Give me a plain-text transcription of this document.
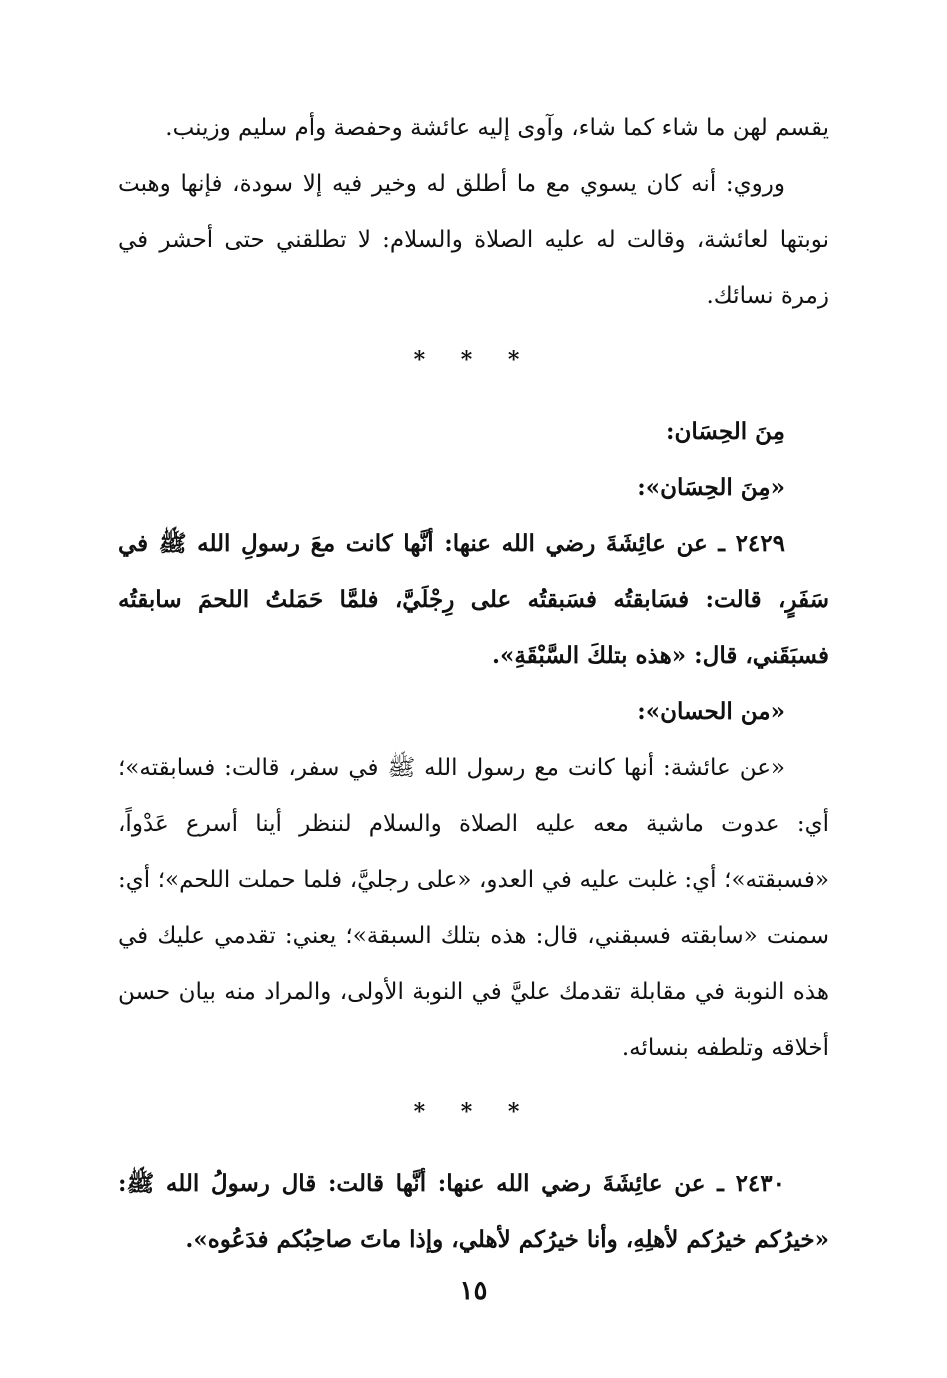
يقسم لهن ما شاء كما شاء، وآوى إليه عائشة وحفصة وأم سليم وزينب.

وروي: أنه كان يسوي مع ما أطلق له وخير فيه إلا سودة، فإنها وهبت نوبتها لعائشة، وقالت له عليه الصلاة والسلام: لا تطلقني حتى أحشر في زمرة نسائك.

* * *

مِنَ الحِسَان:

«مِنَ الحِسَان»:

٢٤٢٩ ـ عن عائِشَةَ رضي الله عنها: أنَّها كانت معَ رسولِ الله ﷺ في سَفَرٍ، قالت: فسَابقتُه فسَبقتُه على رِجْلَيَّ، فلمَّا حَمَلتُ اللحمَ سابقتُه فسبَقَني، قال: «هذه بتلكَ السَّبْقَةِ».

«من الحسان»:

«عن عائشة: أنها كانت مع رسول الله ﷺ في سفر، قالت: فسابقته»؛ أي: عدوت ماشية معه عليه الصلاة والسلام لننظر أينا أسرع عَدْواً، «فسبقته»؛ أي: غلبت عليه في العدو، «على رجليَّ، فلما حملت اللحم»؛ أي: سمنت «سابقته فسبقني، قال: هذه بتلك السبقة»؛ يعني: تقدمي عليك في هذه النوبة في مقابلة تقدمك عليَّ في النوبة الأولى، والمراد منه بيان حسن أخلاقه وتلطفه بنسائه.

* * *

٢٤٣٠ ـ عن عائِشَةَ رضي الله عنها: أنَّها قالت: قال رسولُ الله ﷺ: «خيرُكم خيرُكم لأهلِهِ، وأنا خيرُكم لأهلي، وإذا ماتَ صاحِبُكم فدَعُوه».

١٥
